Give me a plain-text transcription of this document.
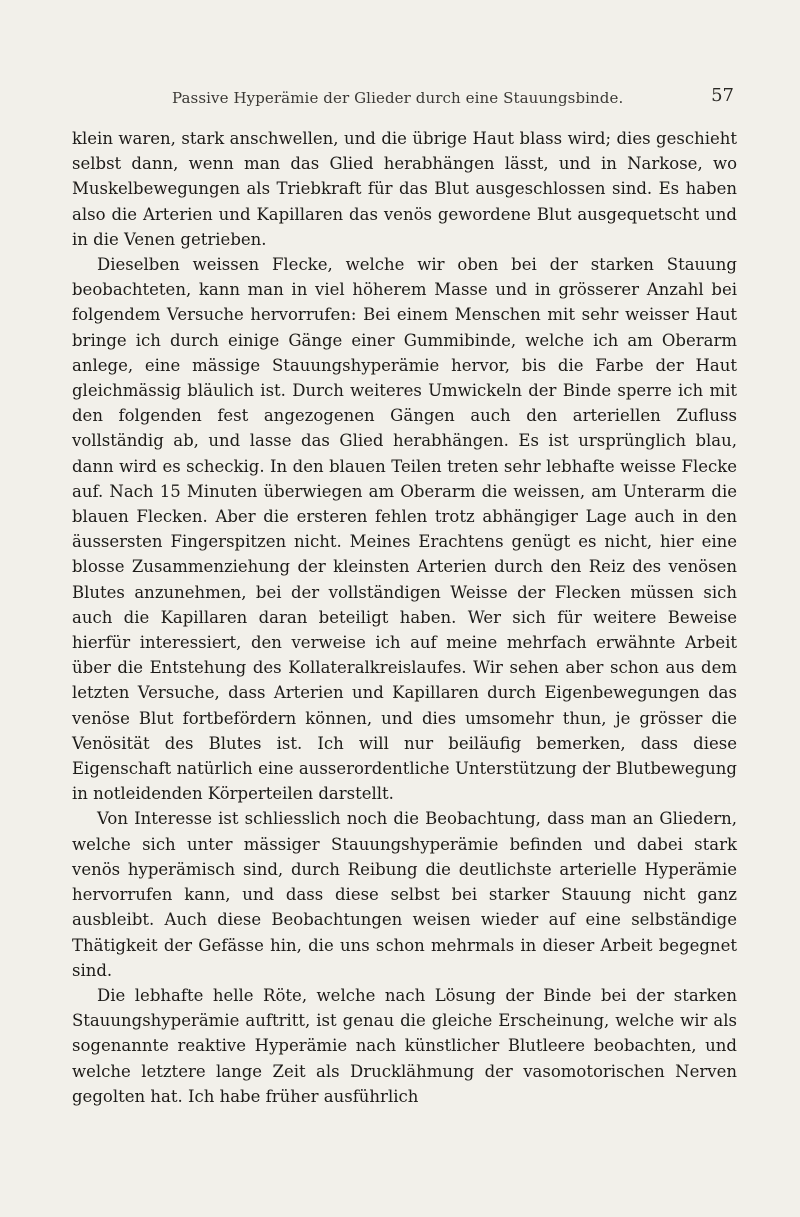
Passive Hyperämie der Glieder durch eine Stauungsbinde.	57

klein waren, stark anschwellen, und die übrige Haut blass wird; dies geschieht selbst dann, wenn man das Glied herabhängen lässt, und in Narkose, wo Muskelbewegungen als Triebkraft für das Blut ausgeschlossen sind. Es haben also die Arterien und Kapillaren das venös gewordene Blut ausgequetscht und in die Venen getrieben.

Dieselben weissen Flecke, welche wir oben bei der starken Stauung beobachteten, kann man in viel höherem Masse und in grösserer Anzahl bei folgendem Versuche hervorrufen: Bei einem Menschen mit sehr weisser Haut bringe ich durch einige Gänge einer Gummibinde, welche ich am Oberarm anlege, eine mässige Stauungshyperämie hervor, bis die Farbe der Haut gleichmässig bläulich ist. Durch weiteres Umwickeln der Binde sperre ich mit den folgenden fest angezogenen Gängen auch den arteriellen Zufluss vollständig ab, und lasse das Glied herabhängen. Es ist ursprünglich blau, dann wird es scheckig. In den blauen Teilen treten sehr lebhafte weisse Flecke auf. Nach 15 Minuten überwiegen am Oberarm die weissen, am Unterarm die blauen Flecken. Aber die ersteren fehlen trotz abhängiger Lage auch in den äussersten Fingerspitzen nicht. Meines Erachtens genügt es nicht, hier eine blosse Zusammenziehung der kleinsten Arterien durch den Reiz des venösen Blutes anzunehmen, bei der vollständigen Weisse der Flecken müssen sich auch die Kapillaren daran beteiligt haben. Wer sich für weitere Beweise hierfür interessiert, den verweise ich auf meine mehrfach erwähnte Arbeit über die Entstehung des Kollateralkreislaufes. Wir sehen aber schon aus dem letzten Versuche, dass Arterien und Kapillaren durch Eigenbewegungen das venöse Blut fortbefördern können, und dies umsomehr thun, je grösser die Venösität des Blutes ist. Ich will nur beiläufig bemerken, dass diese Eigenschaft natürlich eine ausserordentliche Unterstützung der Blutbewegung in notleidenden Körperteilen darstellt.

Von Interesse ist schliesslich noch die Beobachtung, dass man an Gliedern, welche sich unter mässiger Stauungshyperämie befinden und dabei stark venös hyperämisch sind, durch Reibung die deutlichste arterielle Hyperämie hervorrufen kann, und dass diese selbst bei starker Stauung nicht ganz ausbleibt. Auch diese Beobachtungen weisen wieder auf eine selbständige Thätigkeit der Gefässe hin, die uns schon mehrmals in dieser Arbeit begegnet sind.

Die lebhafte helle Röte, welche nach Lösung der Binde bei der starken Stauungshyperämie auftritt, ist genau die gleiche Erscheinung, welche wir als sogenannte reaktive Hyperämie nach künstlicher Blutleere beobachten, und welche letztere lange Zeit als Drucklähmung der vasomotorischen Nerven gegolten hat. Ich habe früher ausführlich
